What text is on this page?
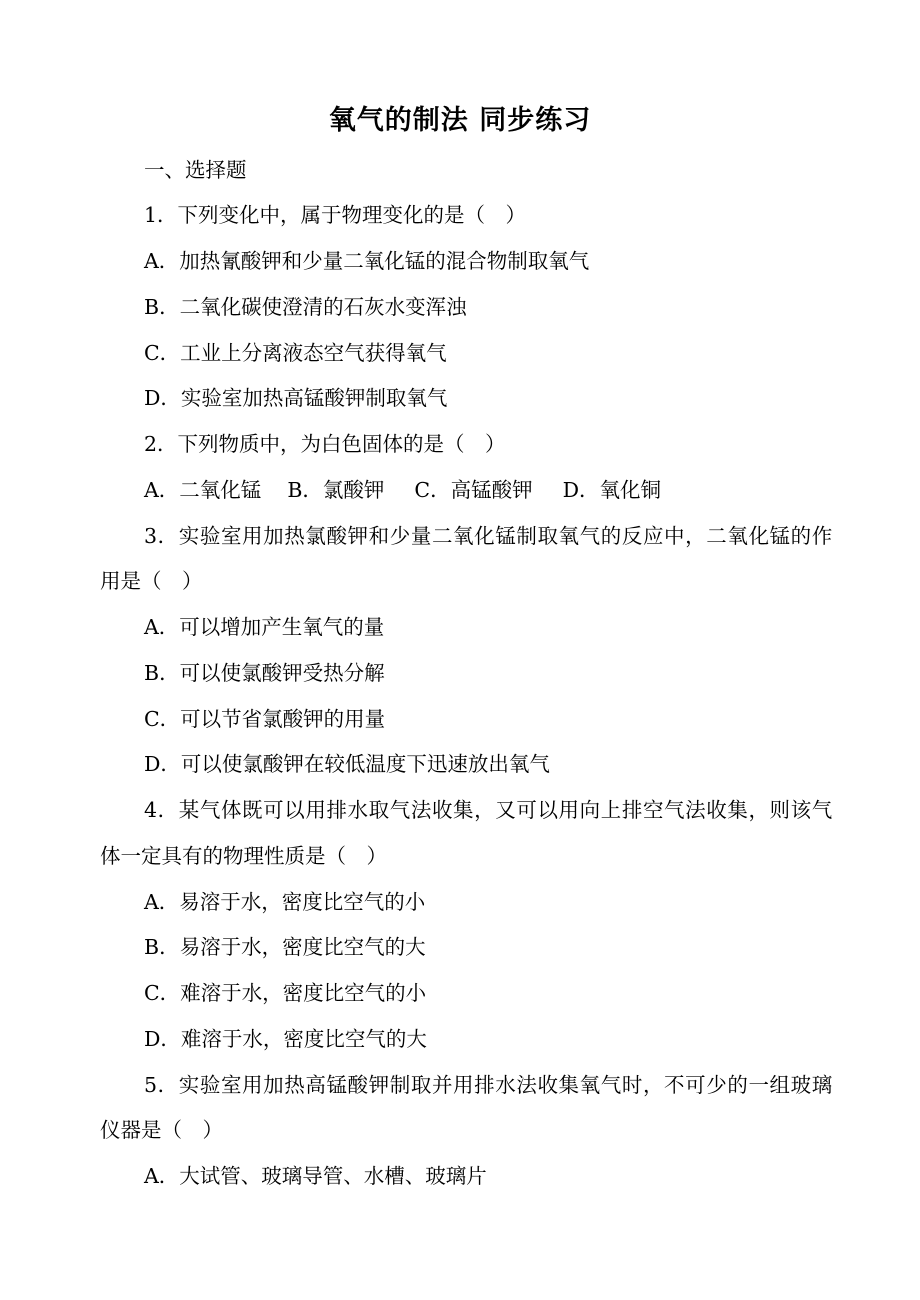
氧气的制法 同步练习
一、选择题
1．下列变化中，属于物理变化的是（　）
A．加热氰酸钾和少量二氧化锰的混合物制取氧气
B．二氧化碳使澄清的石灰水变浑浊
C．工业上分离液态空气获得氧气
D．实验室加热高锰酸钾制取氧气
2．下列物质中，为白色固体的是（　）
A．二氧化锰 B．氯酸钾 C．高锰酸钾 D．氧化铜
3．实验室用加热氯酸钾和少量二氧化锰制取氧气的反应中，二氧化锰的作
用是（　）
A．可以增加产生氧气的量
B．可以使氯酸钾受热分解
C．可以节省氯酸钾的用量
D．可以使氯酸钾在较低温度下迅速放出氧气
4．某气体既可以用排水取气法收集，又可以用向上排空气法收集，则该气
体一定具有的物理性质是（　）
A．易溶于水，密度比空气的小
B．易溶于水，密度比空气的大
C．难溶于水，密度比空气的小
D．难溶于水，密度比空气的大
5．实验室用加热高锰酸钾制取并用排水法收集氧气时，不可少的一组玻璃
仪器是（　）
A．大试管、玻璃导管、水槽、玻璃片
